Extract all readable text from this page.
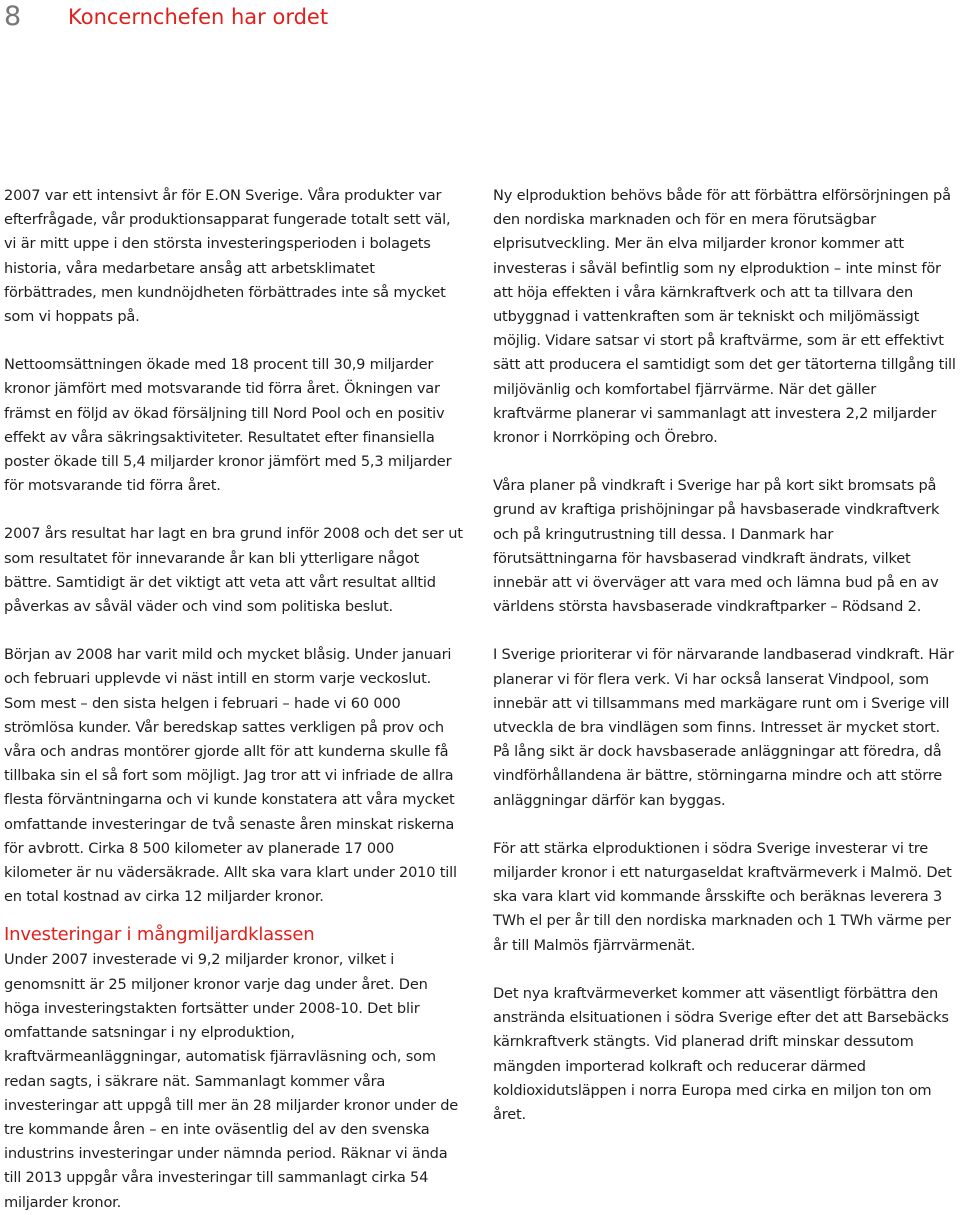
8 Koncernchefen har ordet

2007 var ett intensivt år för E.ON Sverige. Våra produkter var efterfrågade, vår produktionsapparat fungerade totalt sett väl, vi är mitt uppe i den största investeringsperioden i bolagets historia, våra medarbetare ansåg att arbetsklimatet förbättrades, men kundnöjdheten förbättrades inte så mycket som vi hoppats på.

Nettoomsättningen ökade med 18 procent till 30,9 miljarder kronor jämfört med motsvarande tid förra året. Ökningen var främst en följd av ökad försäljning till Nord Pool och en positiv effekt av våra säkringsaktiviteter. Resultatet efter finansiella poster ökade till 5,4 miljarder kronor jämfört med 5,3 miljarder för motsvarande tid förra året.

2007 års resultat har lagt en bra grund inför 2008 och det ser ut som resultatet för innevarande år kan bli ytterligare något bättre. Samtidigt är det viktigt att veta att vårt resultat alltid påverkas av såväl väder och vind som politiska beslut.

Början av 2008 har varit mild och mycket blåsig. Under januari och februari upplevde vi näst intill en storm varje veckoslut. Som mest – den sista helgen i februari – hade vi 60 000 strömlösa kunder. Vår beredskap sattes verkligen på prov och våra och andras montörer gjorde allt för att kunderna skulle få tillbaka sin el så fort som möjligt. Jag tror att vi infriade de allra flesta förväntningarna och vi kunde konstatera att våra mycket omfattande investeringar de två senaste åren minskat riskerna för avbrott. Cirka 8 500 kilometer av planerade 17 000 kilometer är nu vädersäkrade. Allt ska vara klart under 2010 till en total kostnad av cirka 12 miljarder kronor.

Investeringar i mångmiljardklassen

Under 2007 investerade vi 9,2 miljarder kronor, vilket i genomsnitt är 25 miljoner kronor varje dag under året. Den höga investeringstakten fortsätter under 2008-10. Det blir omfattande satsningar i ny elproduktion, kraftvärmeanläggningar, automatisk fjärravläsning och, som redan sagts, i säkrare nät. Sammanlagt kommer våra investeringar att uppgå till mer än 28 miljarder kronor under de tre kommande åren – en inte oväsentlig del av den svenska industrins investeringar under nämnda period. Räknar vi ända till 2013 uppgår våra investeringar till sammanlagt cirka 54 miljarder kronor.

Ny elproduktion behövs både för att förbättra elförsörjningen på den nordiska marknaden och för en mera förutsägbar elprisutveckling. Mer än elva miljarder kronor kommer att investeras i såväl befintlig som ny elproduktion – inte minst för att höja effekten i våra kärnkraftverk och att ta tillvara den utbyggnad i vattenkraften som är tekniskt och miljömässigt möjlig. Vidare satsar vi stort på kraftvärme, som är ett effektivt sätt att producera el samtidigt som det ger tätorterna tillgång till miljövänlig och komfortabel fjärrvärme. När det gäller kraftvärme planerar vi sammanlagt att investera 2,2 miljarder kronor i Norrköping och Örebro.

Våra planer på vindkraft i Sverige har på kort sikt bromsats på grund av kraftiga prishöjningar på havsbaserade vindkraftverk och på kringutrustning till dessa. I Danmark har förutsättningarna för havsbaserad vindkraft ändrats, vilket innebär att vi överväger att vara med och lämna bud på en av världens största havsbaserade vindkraftparker – Rödsand 2.

I Sverige prioriterar vi för närvarande landbaserad vindkraft. Här planerar vi för flera verk. Vi har också lanserat Vindpool, som innebär att vi tillsammans med markägare runt om i Sverige vill utveckla de bra vindlägen som finns. Intresset är mycket stort. På lång sikt är dock havsbaserade anläggningar att föredra, då vindförhållandena är bättre, störningarna mindre och att större anläggningar därför kan byggas.

För att stärka elproduktionen i södra Sverige investerar vi tre miljarder kronor i ett naturgaseldat kraftvärmeverk i Malmö. Det ska vara klart vid kommande årsskifte och beräknas leverera 3 TWh el per år till den nordiska marknaden och 1 TWh värme per år till Malmös fjärrvärmenät.

Det nya kraftvärmeverket kommer att väsentligt förbättra den anstrända elsituationen i södra Sverige efter det att Barsebäcks kärnkraftverk stängts. Vid planerad drift minskar dessutom mängden importerad kolkraft och reducerar därmed koldioxidutsläppen i norra Europa med cirka en miljon ton om året.
